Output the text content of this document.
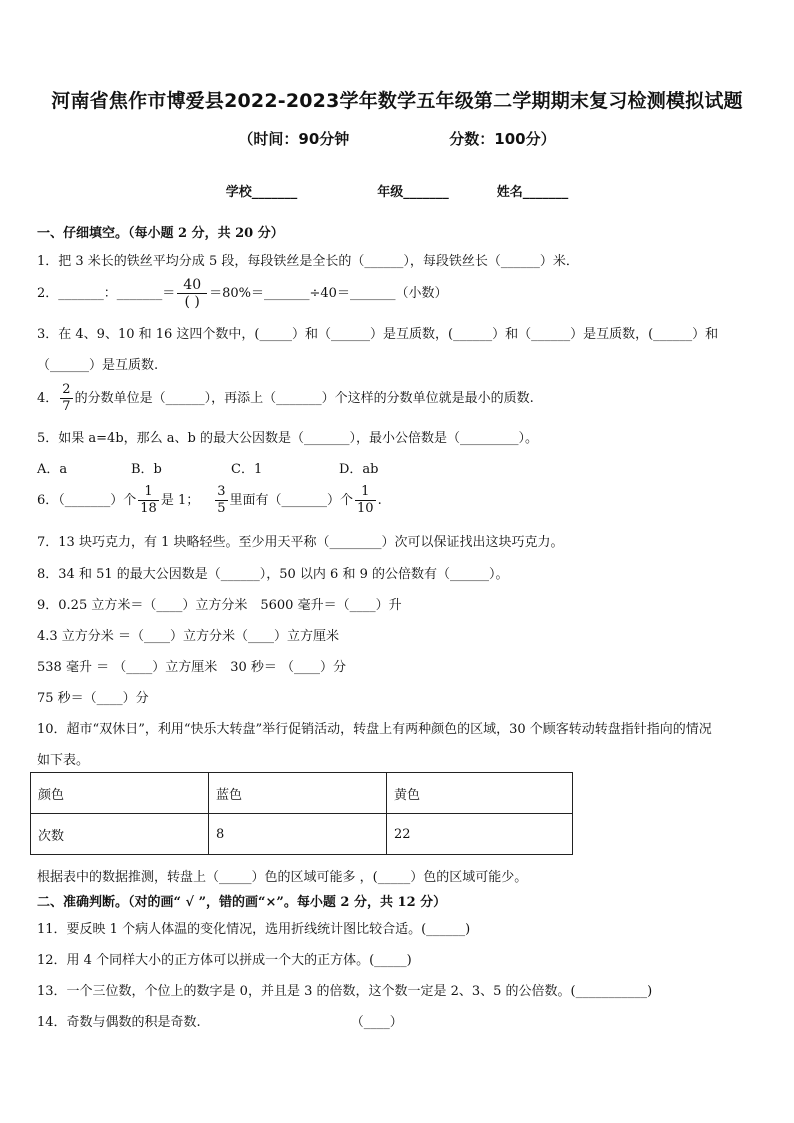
河南省焦作市博爱县2022-2023学年数学五年级第二学期期末复习检测模拟试题
（时间：90分钟	分数：100分）
学校_______	年级_______	姓名_______
一、仔细填空。（每小题 2 分，共 20 分）
1．把 3 米长的铁丝平均分成 5 段，每段铁丝是全长的（______），每段铁丝长（______）米．
2．_______：_______＝ $\frac{40}{( )}$ ＝80%＝_______÷40＝_______（小数）
3．在 4、9、10 和 16 这四个数中，(_____）和（______）是互质数，(______）和（______）是互质数，(______）和
（______）是互质数.
4． $\frac{2}{7}$ 的分数单位是（______），再添上（_______）个这样的分数单位就是最小的质数.
5．如果 a=4b，那么 a、b 的最大公因数是（_______），最小公倍数是（_________）。
A．a	B．b	C．1	D．ab
6．（_______）个 $\frac{1}{18}$ 是 1； $\frac{3}{5}$ 里面有（_______）个 $\frac{1}{10}$ .
7．13 块巧克力，有 1 块略轻些。至少用天平称（________）次可以保证找出这块巧克力。
8．34 和 51 的最大公因数是（______），50 以内 6 和 9 的公倍数有（______）。
9．0.25 立方米＝（____）立方分米　5600 毫升＝（____）升
4.3 立方分米 ＝（____）立方分米（____）立方厘米
538 毫升 ＝ （____）立方厘米　30 秒＝ （____）分
75 秒＝（____）分
10．超市“双休日”，利用“快乐大转盘”举行促销活动，转盘上有两种颜色的区域，30 个顾客转动转盘指针指向的情况
如下表。
颜色	蓝色	黄色
次数	8	22
根据表中的数据推测，转盘上（_____）色的区域可能多 ，(_____）色的区域可能少。
二、准确判断。（对的画“ √ ”，错的画“×”。每小题 2 分，共 12 分）
11．要反映 1 个病人体温的变化情况，选用折线统计图比较合适。(______)
12．用 4 个同样大小的正方体可以拼成一个大的正方体。(_____)
13．一个三位数，个位上的数字是 0，并且是 3 的倍数，这个数一定是 2、3、5 的公倍数。(___________)
14．奇数与偶数的积是奇数.	（____）
